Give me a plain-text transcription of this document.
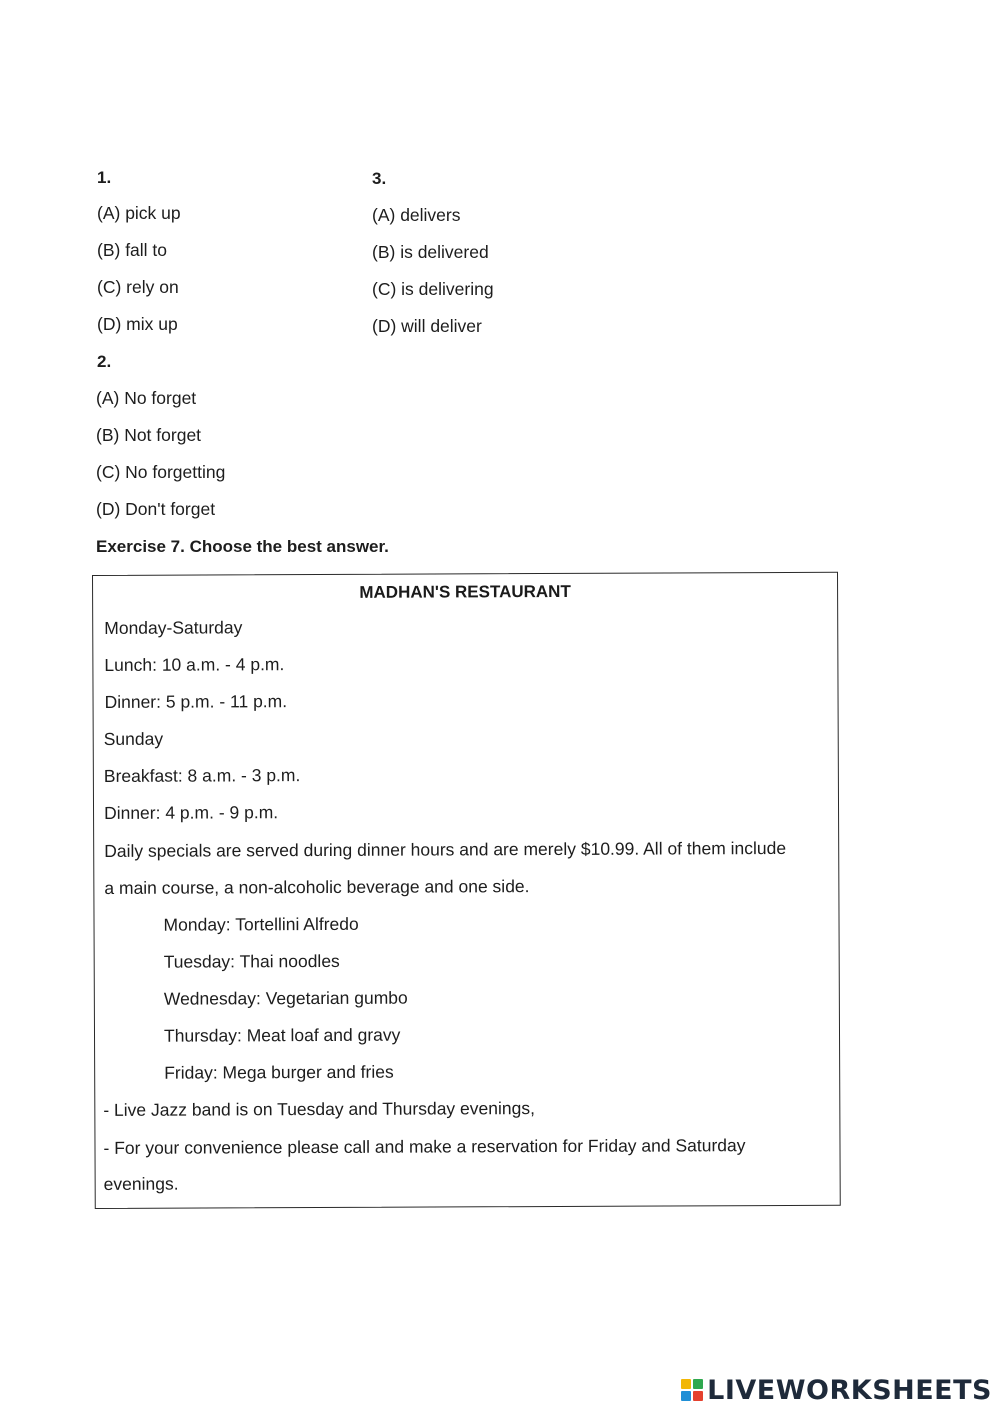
1.
(A) pick up
(B) fall to
(C) rely on
(D) mix up
2.
(A) No forget
(B) Not forget
(C) No forgetting
(D) Don't forget
3.
(A) delivers
(B) is delivered
(C) is delivering
(D) will deliver
Exercise 7. Choose the best answer.
MADHAN'S RESTAURANT
Monday-Saturday
Lunch: 10 a.m. - 4 p.m.
Dinner: 5 p.m. - 11 p.m.
Sunday
Breakfast: 8 a.m. - 3 p.m.
Dinner: 4 p.m. - 9 p.m.
Daily specials are served during dinner hours and are merely $10.99. All of them include
a main course, a non-alcoholic beverage and one side.
Monday: Tortellini Alfredo
Tuesday: Thai noodles
Wednesday: Vegetarian gumbo
Thursday: Meat loaf and gravy
Friday: Mega burger and fries
- Live Jazz band is on Tuesday and Thursday evenings,
- For your convenience please call and make a reservation for Friday and Saturday
evenings.
LIVEWORKSHEETS
